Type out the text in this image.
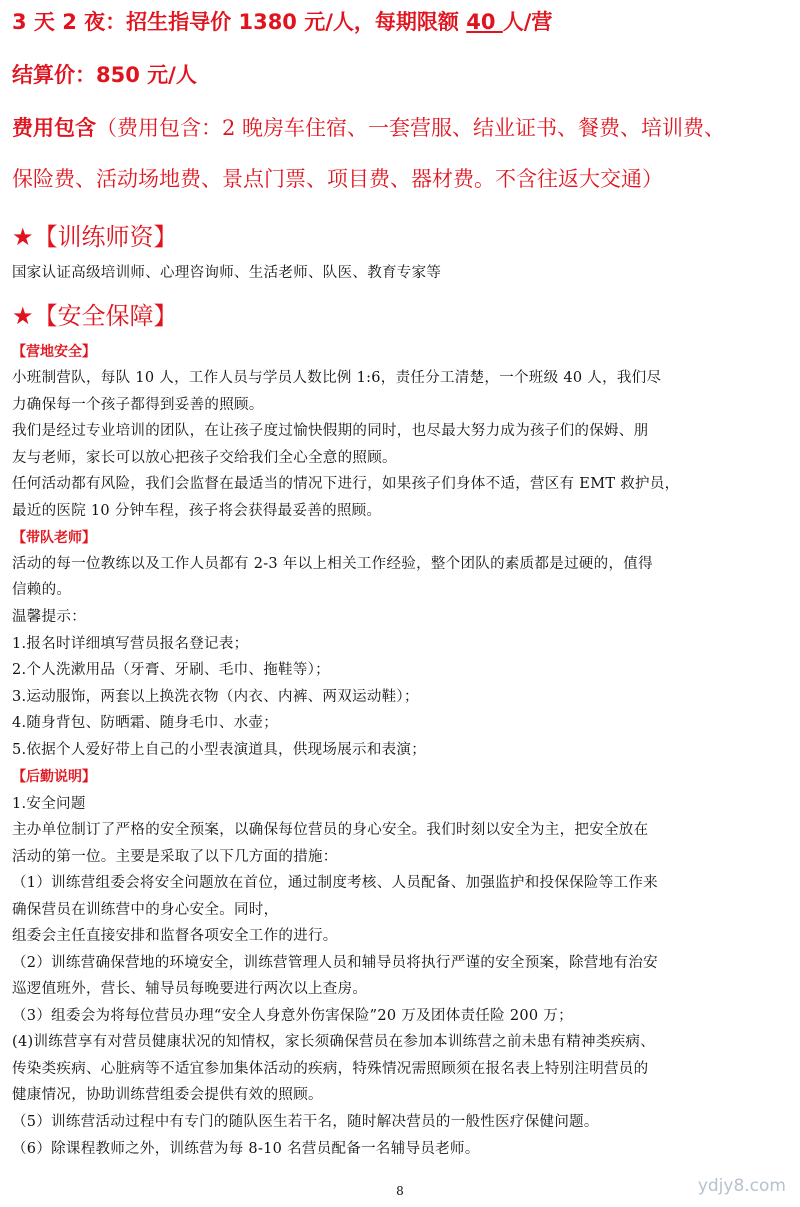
3 天 2 夜：招生指导价 1380 元/人，每期限额 40 人/营
结算价：850 元/人
费用包含（费用包含：2 晚房车住宿、一套营服、结业证书、餐费、培训费、
保险费、活动场地费、景点门票、项目费、器材费。不含往返大交通）
★【训练师资】
国家认证高级培训师、心理咨询师、生活老师、队医、教育专家等
★【安全保障】
【营地安全】
小班制营队，每队 10 人，工作人员与学员人数比例 1:6，责任分工清楚，一个班级 40 人，我们尽
力确保每一个孩子都得到妥善的照顾。
我们是经过专业培训的团队，在让孩子度过愉快假期的同时，也尽最大努力成为孩子们的保姆、朋
友与老师，家长可以放心把孩子交给我们全心全意的照顾。
任何活动都有风险，我们会监督在最适当的情况下进行，如果孩子们身体不适，营区有 EMT 救护员，
最近的医院 10 分钟车程，孩子将会获得最妥善的照顾。
【带队老师】
活动的每一位教练以及工作人员都有 2-3 年以上相关工作经验，整个团队的素质都是过硬的，值得
信赖的。
温馨提示：
1.报名时详细填写营员报名登记表；
2.个人洗漱用品（牙膏、牙刷、毛巾、拖鞋等）；
3.运动服饰，两套以上换洗衣物（内衣、内裤、两双运动鞋）；
4.随身背包、防晒霜、随身毛巾、水壶；
5.依据个人爱好带上自己的小型表演道具，供现场展示和表演；
【后勤说明】
1.安全问题
主办单位制订了严格的安全预案，以确保每位营员的身心安全。我们时刻以安全为主，把安全放在
活动的第一位。主要是采取了以下几方面的措施：
（1）训练营组委会将安全问题放在首位，通过制度考核、人员配备、加强监护和投保保险等工作来
确保营员在训练营中的身心安全。同时，
组委会主任直接安排和监督各项安全工作的进行。
（2）训练营确保营地的环境安全，训练营管理人员和辅导员将执行严谨的安全预案，除营地有治安
巡逻值班外，营长、辅导员每晚要进行两次以上查房。
（3）组委会为将每位营员办理“安全人身意外伤害保险”20 万及团体责任险 200 万；
(4)训练营享有对营员健康状况的知情权，家长须确保营员在参加本训练营之前未患有精神类疾病、
传染类疾病、心脏病等不适宜参加集体活动的疾病，特殊情况需照顾须在报名表上特别注明营员的
健康情况，协助训练营组委会提供有效的照顾。
（5）训练营活动过程中有专门的随队医生若干名，随时解决营员的一般性医疗保健问题。
（6）除课程教师之外，训练营为每 8-10 名营员配备一名辅导员老师。
8	ydjy8.com
